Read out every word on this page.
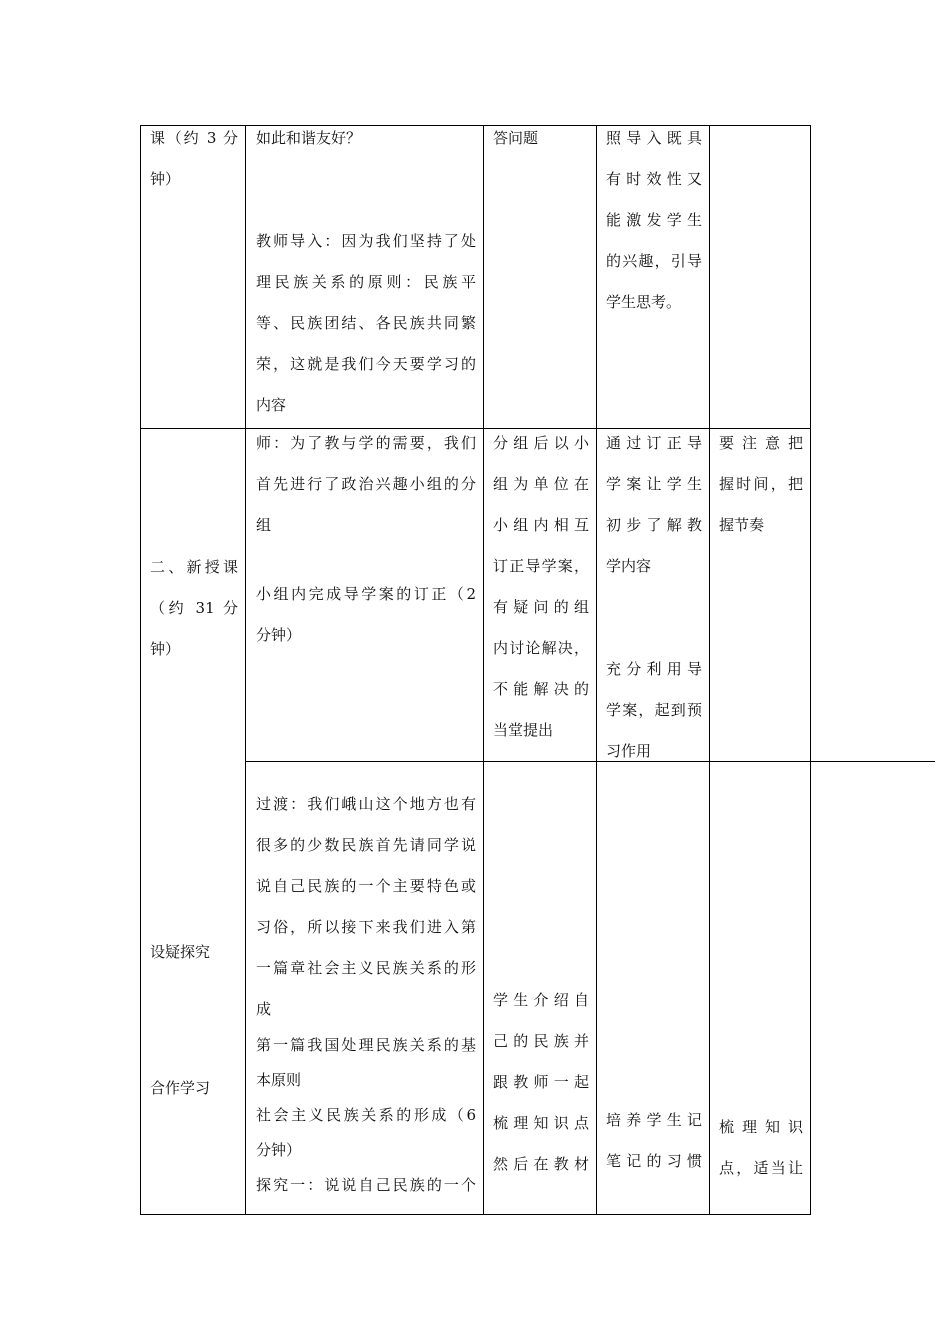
课（约 3 分
钟）
如此和谐友好？
教师导入：因为我们坚持了处
理民族关系的原则：民族平
等、民族团结、各民族共同繁
荣，这就是我们今天要学习的
内容
答问题	照导入既具
有时效性又
能激发学生
的兴趣，引导
学生思考。
二、新授课
（约 31 分
钟）
师：为了教与学的需要，我们
首先进行了政治兴趣小组的分
组
小组内完成导学案的订正（2
分钟）
分组后以小
组为单位在
小组内相互
订正导学案，
有疑问的组
内讨论解决，
不能解决的
当堂提出
通过订正导
学案让学生
初步了解教
学内容
充分利用导
学案，起到预
习作用
要注意把
握时间，把
握节奏
设疑探究
合作学习
过渡：我们峨山这个地方也有
很多的少数民族首先请同学说
说自己民族的一个主要特色或
习俗，所以接下来我们进入第
一篇章社会主义民族关系的形
成
第一篇我国处理民族关系的基
本原则
社会主义民族关系的形成（6
分钟）
探究一：说说自己民族的一个
学生介绍自
己的民族并
跟教师一起
梳理知识点
然后在教材
培养学生记
笔记的习惯
梳理知识
点，适当让
